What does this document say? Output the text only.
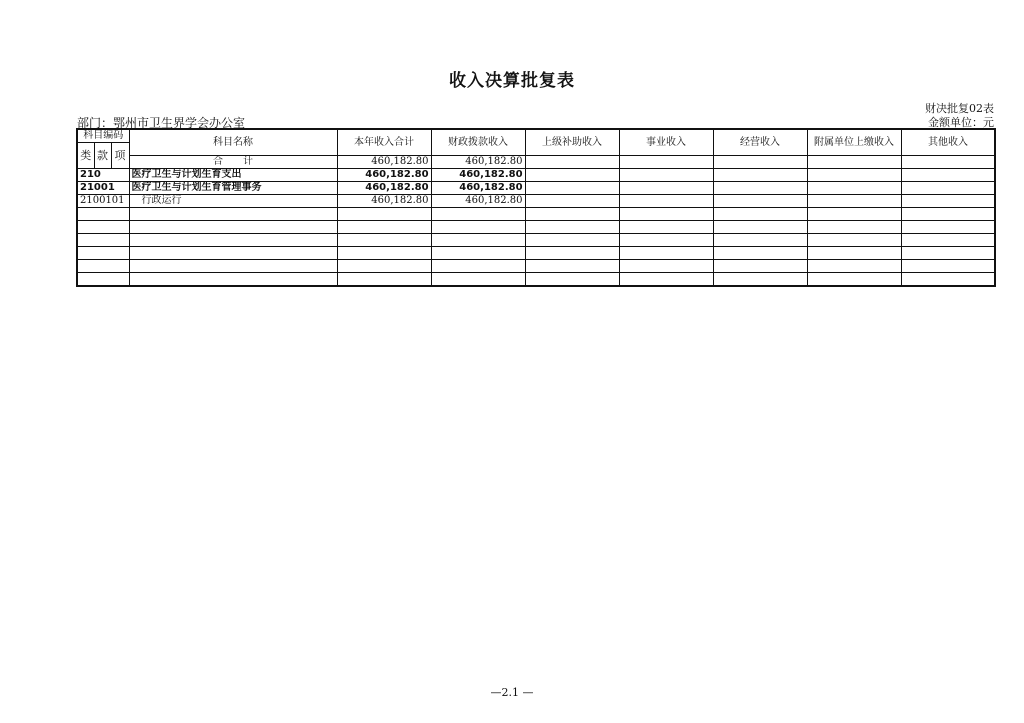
收入决算批复表
财决批复02表
金额单位：元
部门：鄂州市卫生界学会办公室
科目编码			科目名称	本年收入合计	财政拨款收入	上级补助收入	事业收入	经营收入	附属单位上缴收入	其他收入	
类	款	项								
			合　　计	460,182.80	460,182.80						
210			医疗卫生与计划生育支出	460,182.80	460,182.80						
21001			医疗卫生与计划生育管理事务	460,182.80	460,182.80						
2100101			行政运行	460,182.80	460,182.80						

—2.1 —
